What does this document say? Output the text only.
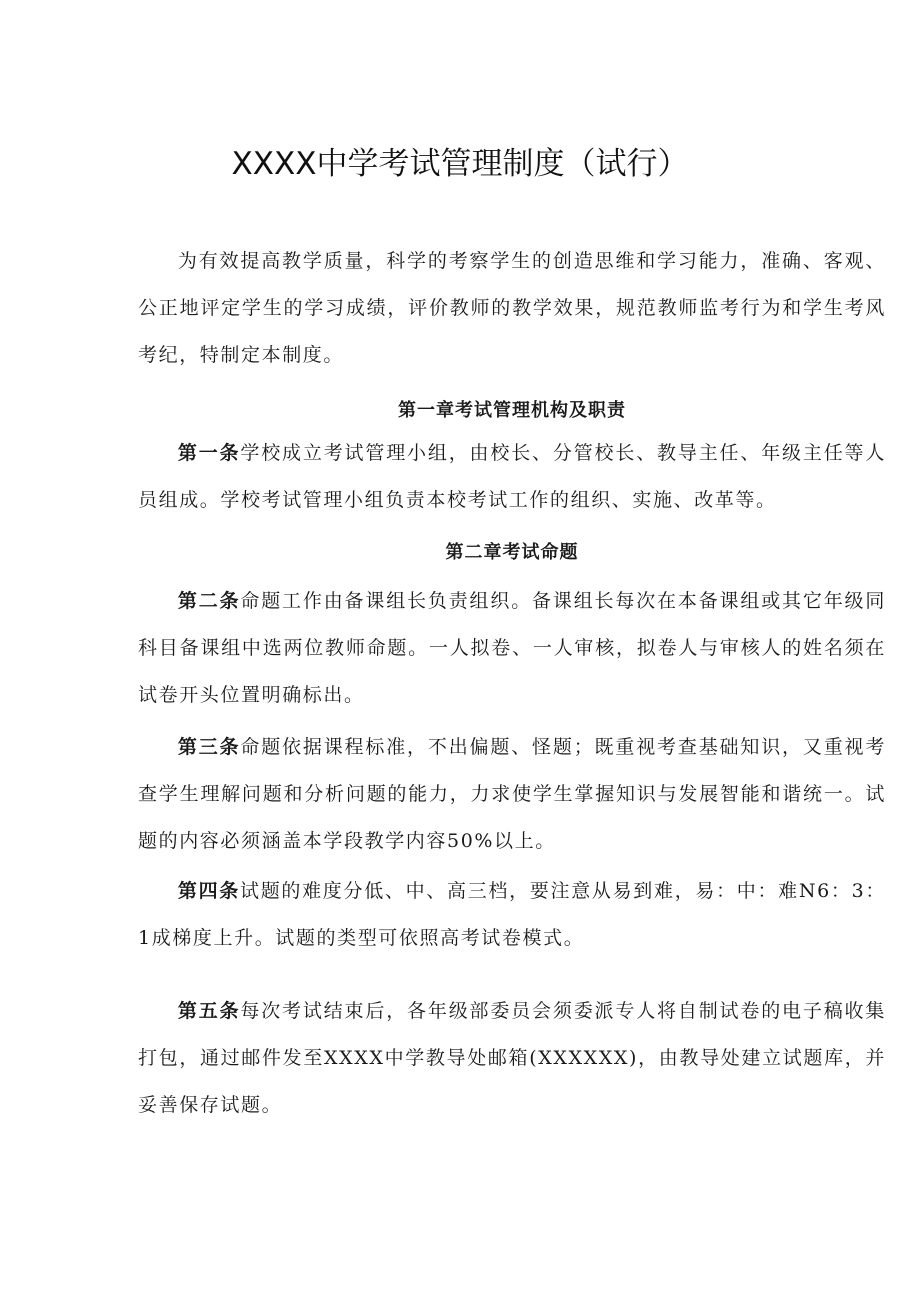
XXXX中学考试管理制度（试行）

为有效提高教学质量，科学的考察学生的创造思维和学习能力，准确、客观、公正地评定学生的学习成绩，评价教师的教学效果，规范教师监考行为和学生考风考纪，特制定本制度。

第一章考试管理机构及职责

第一条学校成立考试管理小组，由校长、分管校长、教导主任、年级主任等人员组成。学校考试管理小组负责本校考试工作的组织、实施、改革等。

第二章考试命题

第二条命题工作由备课组长负责组织。备课组长每次在本备课组或其它年级同科目备课组中选两位教师命题。一人拟卷、一人审核，拟卷人与审核人的姓名须在试卷开头位置明确标出。

第三条命题依据课程标准，不出偏题、怪题；既重视考查基础知识，又重视考查学生理解问题和分析问题的能力，力求使学生掌握知识与发展智能和谐统一。试题的内容必须涵盖本学段教学内容50%以上。

第四条试题的难度分低、中、高三档，要注意从易到难，易：中：难N6：3：1成梯度上升。试题的类型可依照高考试卷模式。

第五条每次考试结束后，各年级部委员会须委派专人将自制试卷的电子稿收集打包，通过邮件发至XXXX中学教导处邮箱(XXXXXX)，由教导处建立试题库，并妥善保存试题。
